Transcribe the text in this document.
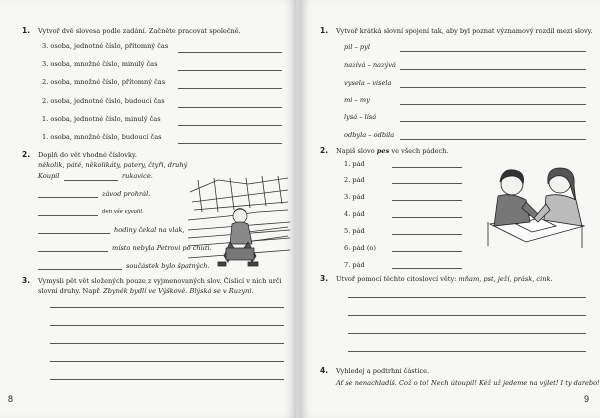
1. Vytvoř dvě slovesa podle zadání. Začněte pracovat společně.
3. osoba, jednotné číslo, přítomný čas
3. osoba, množné číslo, minulý čas
2. osoba, množné číslo, přítomný čas
2. osoba, jednotné číslo, budoucí čas
1. osoba, jednotné číslo, minulý čas
1. osoba, množné číslo, budoucí čas
2. Doplň do vět vhodné číslovky.
několik, páté, několikáty, patery, čtyři, druhý
Koupil	rukavice.
závod prohrál.
den vše vyvolil.
hodiny čekal na vlak,
místo nebyla Petrovi po chuti.
součástek bylo špatných.
3. Vymysli pět vět složených pouze z vyjmenovaných slov. Číslicí v nich urči
slovní druhy. Např. Zbyněk bydlí ve Výškově. Blýská se v Ruzyni.
8
1. Vytvoř krátká slovní spojení tak, aby byl poznat významový rozdíl mezi slovy.
pil – pyl
nazívá – nazývá
vysela – visela
mi – my
lysá – lísá
odbyla – odbila
2. Napiš slovo pes ve všech pádech.
1. pád
2. pád
3. pád
4. pád
5. pád
6. pád (o)
7. pád
3. Utvoř pomocí těchto citoslovcí věty: mňam, pst, ježí, prásk, cink.
4. Vyhledej a podtrhni částice.
Ať se nenachladíš. Což o to! Nech útoupil! Kéž už jedeme na výlet! I ty darebo!
9
